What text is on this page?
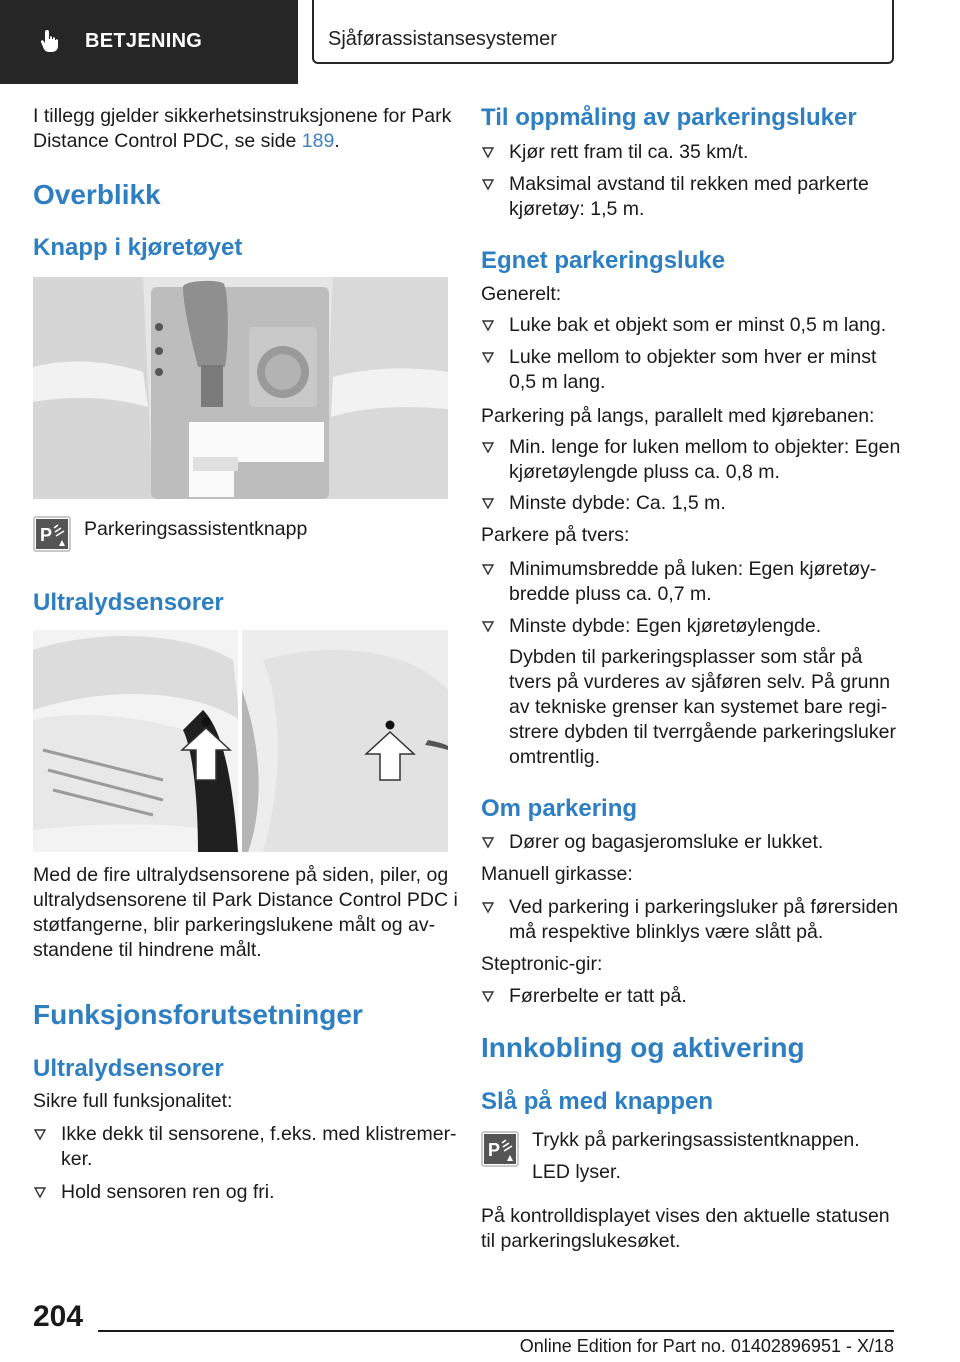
BETJENING	Sjåførassistansesystemer

I tillegg gjelder sikkerhetsinstruksjonene for Park

Distance Control PDC, se side 189.

Overblikk
Knapp i kjøretøyet
P Parkeringsassistentknapp

Ultralydsensorer

Med de fire ultralydsensorene på siden, piler, og

ultralydsensorene til Park Distance Control PDC i

støtfangerne, blir parkeringslukene målt og av-

standene til hindrene målt.

Funksjonsforutsetninger
Ultralydsensorer

Sikre full funksjonalitet:

Ikke dekk til sensorene, f.eks. med klistremer-
ker.
Hold sensoren ren og fri.
Til oppmåling av parkeringsluker
Kjør rett fram til ca. 35 km/t.
Maksimal avstand til rekken med parkerte
kjøretøy: 1,5 m.
Egnet parkeringsluke

Generelt:

Luke bak et objekt som er minst 0,5 m lang.
Luke mellom to objekter som hver er minst
0,5 m lang.

Parkering på langs, parallelt med kjørebanen:

Min. lenge for luken mellom to objekter: Egen
kjøretøylengde pluss ca. 0,8 m.
Minste dybde: Ca. 1,5 m.

Parkere på tvers:

Minimumsbredde på luken: Egen kjøretøy-
bredde pluss ca. 0,7 m.
Minste dybde: Egen kjøretøylengde.
Dybden til parkeringsplasser som står på
tvers på vurderes av sjåføren selv. På grunn
av tekniske grenser kan systemet bare regi-
strere dybden til tverrgående parkeringsluker
omtrentlig.
Om parkering
Dører og bagasjeromsluke er lukket.

Manuell girkasse:

Ved parkering i parkeringsluker på førersiden
må respektive blinklys være slått på.

Steptronic-gir:

Førerbelte er tatt på.
Innkobling og aktivering
Slå på med knappen
P Trykk på parkeringsassistentknappen.

LED lyser.

På kontrolldisplayet vises den aktuelle statusen

til parkeringslukesøket.

204
Online Edition for Part no. 01402896951 - X/18
